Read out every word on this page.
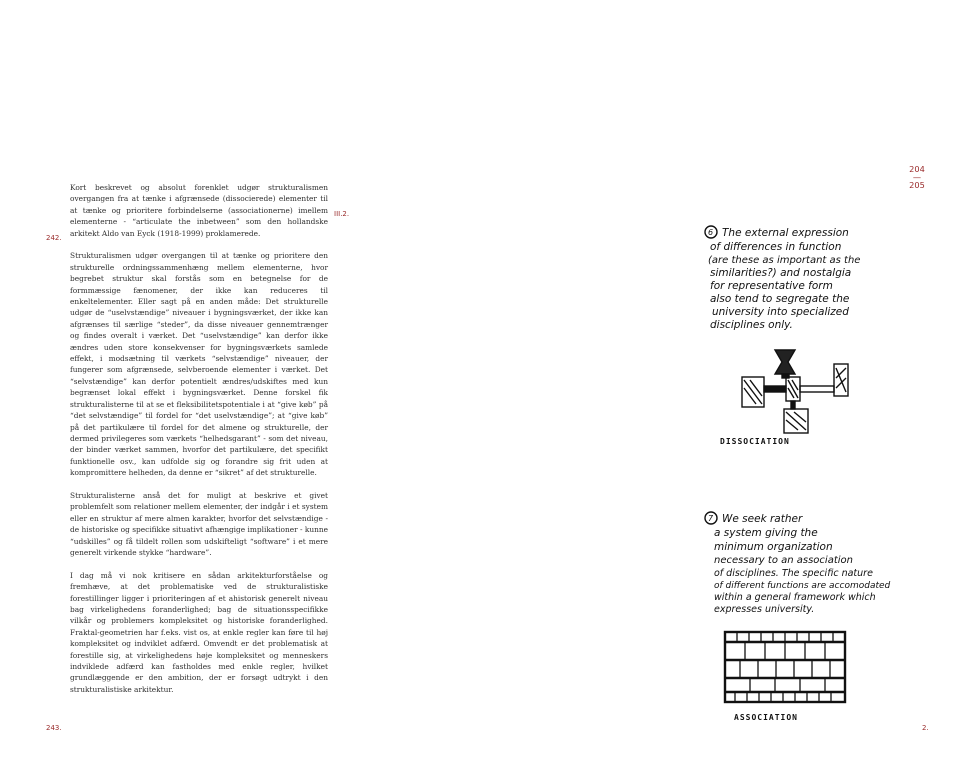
204
—
205

Kort beskrevet og absolut forenklet udgør strukturalismen overgangen fra at tænke i afgrænsede (dissocierede) elementer til at tænke og prioritere forbindelserne (associationerne) imellem elementerne - “articulate the inbetween” som den hollandske arkitekt Aldo van Eyck (1918-1999) proklamerede.

Strukturalismen udgør overgangen til at tænke og prioritere den strukturelle ordningssammenhæng mellem elementerne, hvor begrebet struktur skal forstås som en betegnelse for de formmæssige fænomener, der ikke kan reduceres til enkeltelementer. Eller sagt på en anden måde: Det strukturelle udgør de “uselvstændige” niveauer i bygningsværket, der ikke kan afgrænses til særlige “steder”, da disse niveauer gennemtrænger og findes overalt i værket. Det “uselvstændige” kan derfor ikke ændres uden store konsekvenser for bygningsværkets samlede effekt, i modsætning til værkets “selvstændige” niveauer, der fungerer som afgrænsede, selvberoende elementer i værket. Det “selvstændige” kan derfor potentielt ændres/udskiftes med kun begrænset lokal effekt i bygningsværket. Denne forskel fik strukturalisterne til at se et fleksibilitetspotentiale i at “give køb” på “det selvstændige” til fordel for “det uselvstændige”; at “give køb” på det partikulære til fordel for det almene og strukturelle, der dermed privilegeres som værkets “helhedsgarant” - som det niveau, der binder værket sammen, hvorfor det partikulære, det specifikt funktionelle osv., kan udfolde sig og forandre sig frit uden at kompromittere helheden, da denne er “sikret” af det strukturelle.

Strukturalisterne anså det for muligt at beskrive et givet problemfelt som relationer mellem elementer, der indgår i et system eller en struktur af mere almen karakter, hvorfor det selvstændige - de historiske og specifikke situativt afhængige implikationer - kunne “udskilles” og få tildelt rollen som udskifteligt “software” i et mere generelt virkende stykke “hardware”.

I dag må vi nok kritisere en sådan arkitekturforståelse og fremhæve, at det problematiske ved de strukturalistiske forestillinger ligger i prioriteringen af et ahistorisk generelt niveau bag virkelighedens foranderlighed; bag de situationsspecifikke vilkår og problemers kompleksitet og historiske foranderlighed. Fraktal-geometrien har f.eks. vist os, at enkle regler kan føre til høj kompleksitet og indviklet adfærd. Omvendt er det problematisk at forestille sig, at virkelighedens høje kompleksitet og menneskers indviklede adfærd kan fastholdes med enkle regler, hvilket grundlæggende er den ambition, der er forsøgt udtrykt i den strukturalistiske arkitektur.

242.
243.
III.2.
2.
6 The external expression
of differences in function
(are these as important as the
similarities?) and nostalgia
for representative form
also tend to segregate the
university into specialized
disciplines only.
DISSOCIATION
7 We seek rather
a system giving the
minimum organization
necessary to an association
of disciplines. The specific nature
of different functions are accomodated
within a general framework which
expresses university.
ASSOCIATION
